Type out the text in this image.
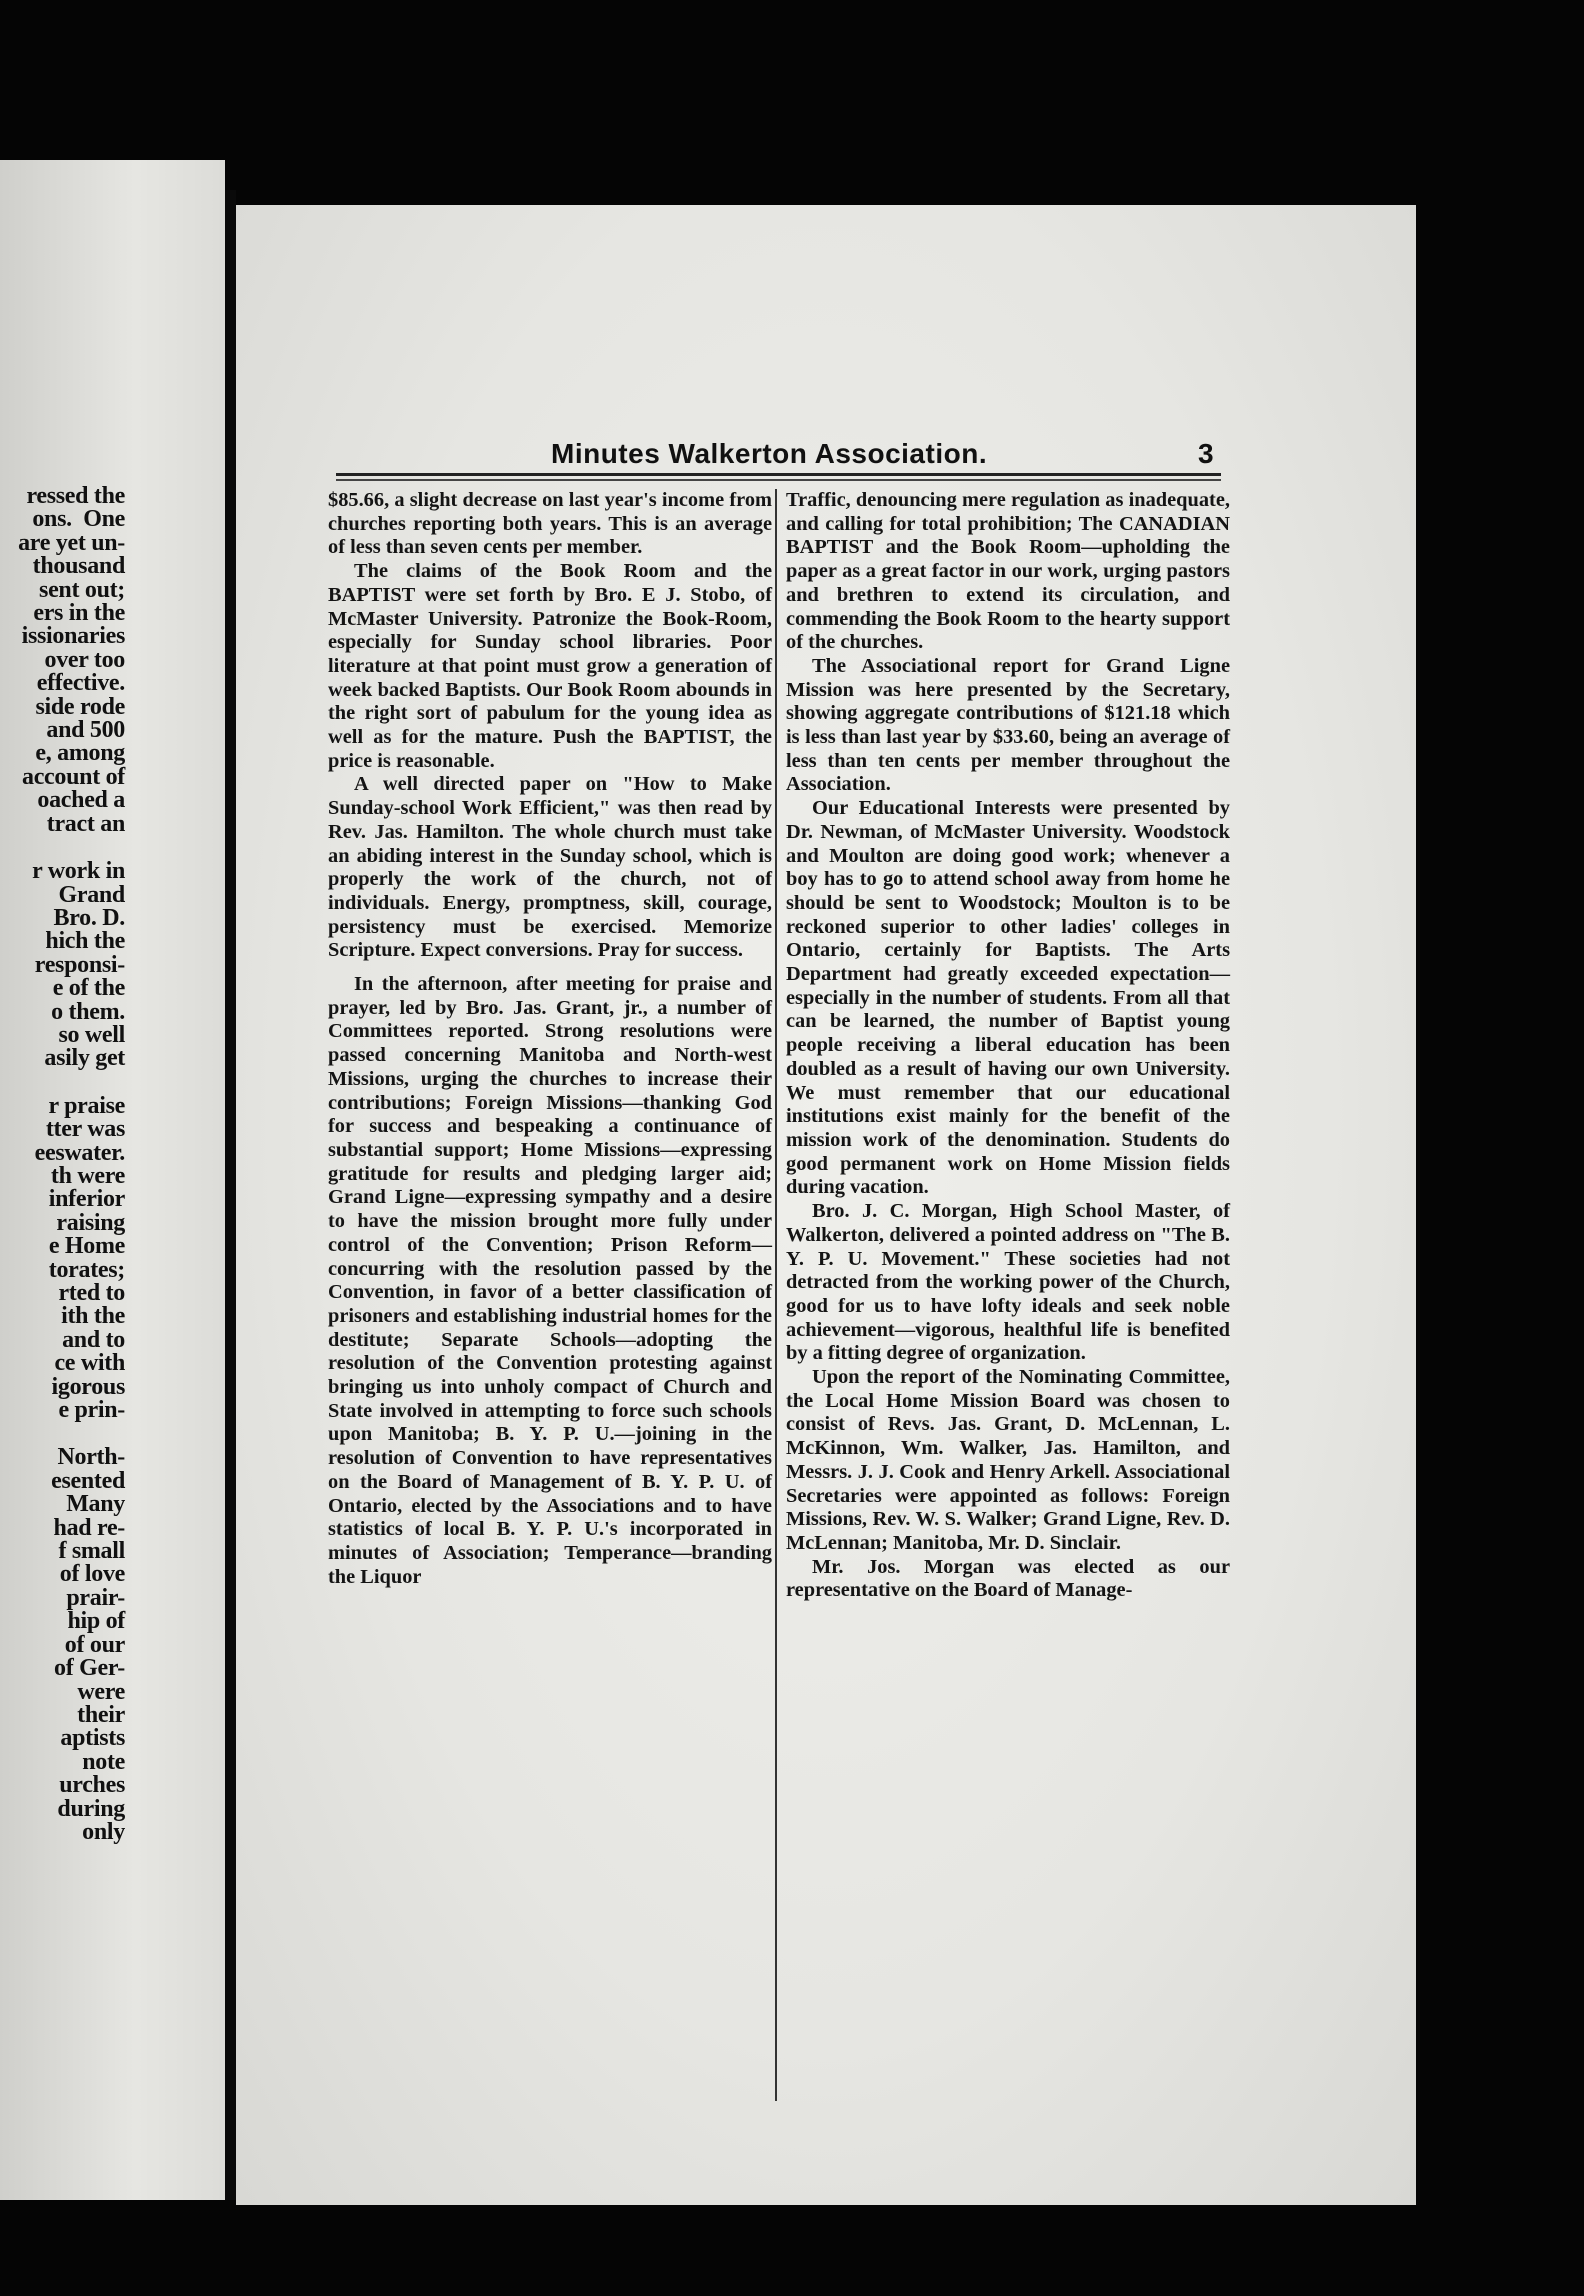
ressed the
ons.  One
are yet un-
thousand
sent out;
ers in the
issionaries
over too
effective.
side rode
and 500
e, among
account of
oached a
tract an
r work in
Grand
Bro. D.
hich the
responsi-
e of the
o them.
so well
asily get
r praise
tter was
eeswater.
th were
inferior
raising
e Home
torates;
rted to
ith the
and to
ce with
igorous
e prin-
North-
esented
Many
had re-
f small
of love
prair-
hip of
of our
of Ger-
were
their
aptists
note
urches
during
only
Minutes Walkerton Association.	3

$85.66, a slight decrease on last year's income from churches reporting both years. This is an average of less than seven cents per member.

The claims of the Book Room and the BAPTIST were set forth by Bro. E J. Stobo, of McMaster University. Patronize the Book-Room, especially for Sunday school libraries. Poor literature at that point must grow a generation of week backed Baptists. Our Book Room abounds in the right sort of pabulum for the young idea as well as for the mature. Push the BAPTIST, the price is reasonable.

A well directed paper on "How to Make Sunday-school Work Efficient," was then read by Rev. Jas. Hamilton. The whole church must take an abiding interest in the Sunday school, which is properly the work of the church, not of individuals. Energy, promptness, skill, courage, persistency must be exercised. Memorize Scripture. Expect conversions. Pray for success.

In the afternoon, after meeting for praise and prayer, led by Bro. Jas. Grant, jr., a number of Committees reported. Strong resolutions were passed concerning Manitoba and North-west Missions, urging the churches to increase their contributions; Foreign Missions—thanking God for success and bespeaking a continuance of substantial support; Home Missions—expressing gratitude for results and pledging larger aid; Grand Ligne—expressing sympathy and a desire to have the mission brought more fully under control of the Convention; Prison Reform—concurring with the resolution passed by the Convention, in favor of a better classification of prisoners and establishing industrial homes for the destitute; Separate Schools—adopting the resolution of the Convention protesting against bringing us into unholy compact of Church and State involved in attempting to force such schools upon Manitoba; B. Y. P. U.—joining in the resolution of Convention to have representatives on the Board of Management of B. Y. P. U. of Ontario, elected by the Associations and to have statistics of local B. Y. P. U.'s incorporated in minutes of Association; Temperance—branding the Liquor

Traffic, denouncing mere regulation as inadequate, and calling for total prohibition; The CANADIAN BAPTIST and the Book Room—upholding the paper as a great factor in our work, urging pastors and brethren to extend its circulation, and commending the Book Room to the hearty support of the churches.

The Associational report for Grand Ligne Mission was here presented by the Secretary, showing aggregate contributions of $121.18 which is less than last year by $33.60, being an average of less than ten cents per member throughout the Association.

Our Educational Interests were presented by Dr. Newman, of McMaster University. Woodstock and Moulton are doing good work; whenever a boy has to go to attend school away from home he should be sent to Woodstock; Moulton is to be reckoned superior to other ladies' colleges in Ontario, certainly for Baptists. The Arts Department had greatly exceeded expectation—especially in the number of students. From all that can be learned, the number of Baptist young people receiving a liberal education has been doubled as a result of having our own University. We must remember that our educational institutions exist mainly for the benefit of the mission work of the denomination. Students do good permanent work on Home Mission fields during vacation.

Bro. J. C. Morgan, High School Master, of Walkerton, delivered a pointed address on "The B. Y. P. U. Movement." These societies had not detracted from the working power of the Church, good for us to have lofty ideals and seek noble achievement—vigorous, healthful life is benefited by a fitting degree of organization.

Upon the report of the Nominating Committee, the Local Home Mission Board was chosen to consist of Revs. Jas. Grant, D. McLennan, L. McKinnon, Wm. Walker, Jas. Hamilton, and Messrs. J. J. Cook and Henry Arkell. Associational Secretaries were appointed as follows: Foreign Missions, Rev. W. S. Walker; Grand Ligne, Rev. D. McLennan; Manitoba, Mr. D. Sinclair.

Mr. Jos. Morgan was elected as our representative on the Board of Manage-
